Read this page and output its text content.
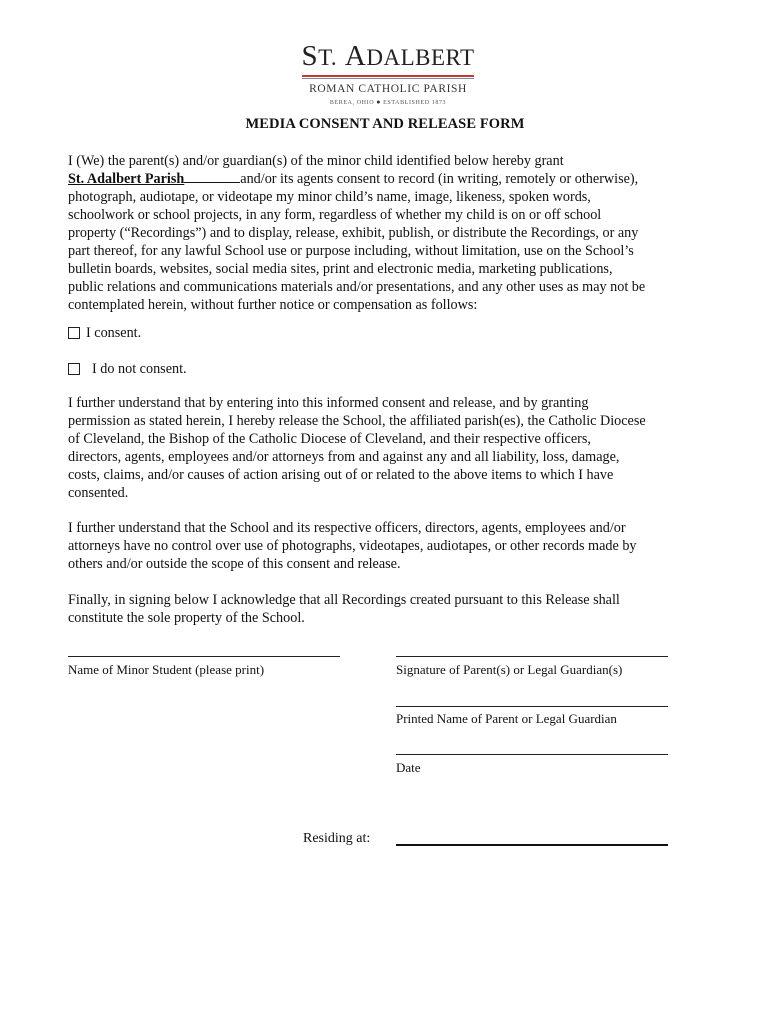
ST. ADALBERT
ROMAN CATHOLIC PARISH
BEREA, OHIO ● ESTABLISHED 1873
MEDIA CONSENT AND RELEASE FORM
I (We) the parent(s) and/or guardian(s) of the minor child identified below hereby grant
St. Adalbert Parish	and/or its agents consent to record (in writing, remotely or otherwise),
photograph, audiotape, or videotape my minor child’s name, image, likeness, spoken words,
schoolwork or school projects, in any form, regardless of whether my child is on or off school
property (“Recordings”) and to display, release, exhibit, publish, or distribute the Recordings, or any
part thereof, for any lawful School use or purpose including, without limitation, use on the School’s
bulletin boards, websites, social media sites, print and electronic media, marketing publications,
public relations and communications materials and/or presentations, and any other uses as may not be
contemplated herein, without further notice or compensation as follows:
I consent.
I do not consent.
I further understand that by entering into this informed consent and release, and by granting
permission as stated herein, I hereby release the School, the affiliated parish(es), the Catholic Diocese
of Cleveland, the Bishop of the Catholic Diocese of Cleveland, and their respective officers,
directors, agents, employees and/or attorneys from and against any and all liability, loss, damage,
costs, claims, and/or causes of action arising out of or related to the above items to which I have
consented.
I further understand that the School and its respective officers, directors, agents, employees and/or
attorneys have no control over use of photographs, videotapes, audiotapes, or other records made by
others and/or outside the scope of this consent and release.
Finally, in signing below I acknowledge that all Recordings created pursuant to this Release shall
constitute the sole property of the School.
Name of Minor Student (please print)	Signature of Parent(s) or Legal Guardian(s)
Printed Name of Parent or Legal Guardian
Date
Residing at:
